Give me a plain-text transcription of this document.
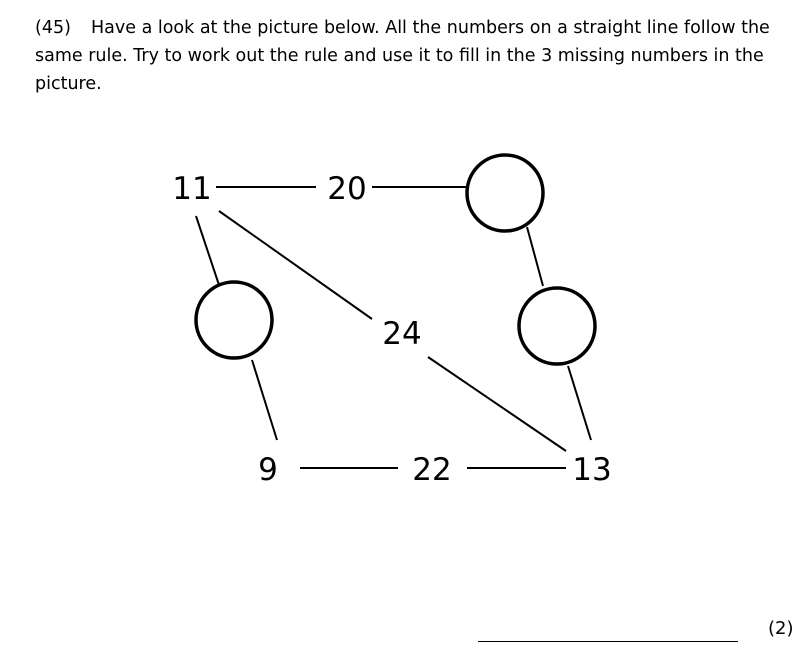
(45) Have a look at the picture below. All the numbers on a straight line follow the same rule. Try to work out the rule and use it to fill in the 3 missing numbers in the picture.
11	20
24
9	22	13
(2)
